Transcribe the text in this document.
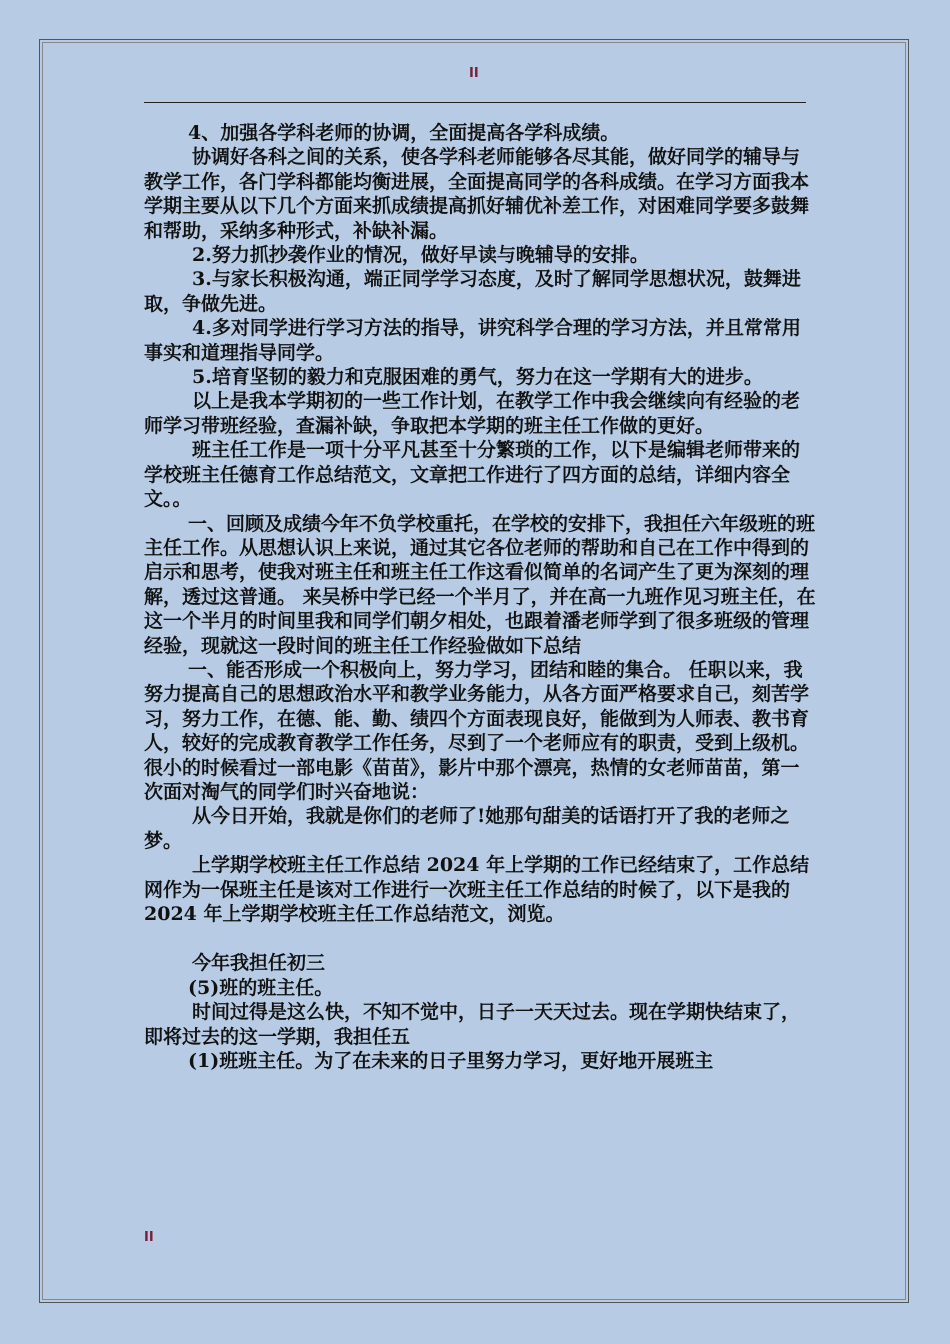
II

4、加强各学科老师的协调，全面提高各学科成绩。

协调好各科之间的关系，使各学科老师能够各尽其能，做好同学的辅导与教学工作，各门学科都能均衡进展，全面提高同学的各科成绩。在学习方面我本学期主要从以下几个方面来抓成绩提高抓好辅优补差工作，对困难同学要多鼓舞和帮助，采纳多种形式，补缺补漏。

2.努力抓抄袭作业的情况，做好早读与晚辅导的安排。

3.与家长积极沟通，端正同学学习态度，及时了解同学思想状况，鼓舞进取，争做先进。

4.多对同学进行学习方法的指导，讲究科学合理的学习方法，并且常常用事实和道理指导同学。

5.培育坚韧的毅力和克服困难的勇气，努力在这一学期有大的进步。

以上是我本学期初的一些工作计划，在教学工作中我会继续向有经验的老师学习带班经验，查漏补缺，争取把本学期的班主任工作做的更好。

班主任工作是一项十分平凡甚至十分繁琐的工作，以下是编辑老师带来的学校班主任德育工作总结范文，文章把工作进行了四方面的总结，详细内容全文。。

一、回顾及成绩今年不负学校重托，在学校的安排下，我担任六年级班的班主任工作。从思想认识上来说，通过其它各位老师的帮助和自己在工作中得到的启示和思考，使我对班主任和班主任工作这看似简单的名词产生了更为深刻的理解，透过这普通。 来吴桥中学已经一个半月了，并在高一九班作见习班主任，在这一个半月的时间里我和同学们朝夕相处，也跟着潘老师学到了很多班级的管理经验，现就这一段时间的班主任工作经验做如下总结

一、能否形成一个积极向上，努力学习，团结和睦的集合。 任职以来，我努力提高自己的思想政治水平和教学业务能力，从各方面严格要求自己，刻苦学习，努力工作，在德、能、勤、绩四个方面表现良好，能做到为人师表、教书育人，较好的完成教育教学工作任务，尽到了一个老师应有的职责，受到上级机。 很小的时候看过一部电影《苗苗》，影片中那个漂亮，热情的女老师苗苗，第一次面对淘气的同学们时兴奋地说：

从今日开始，我就是你们的老师了!她那句甜美的话语打开了我的老师之梦。

上学期学校班主任工作总结 2024 年上学期的工作已经结束了，工作总结网作为一保班主任是该对工作进行一次班主任工作总结的时候了，以下是我的 2024 年上学期学校班主任工作总结范文，浏览。

今年我担任初三

(5)班的班主任。

时间过得是这么快，不知不觉中，日子一天天过去。现在学期快结束了，即将过去的这一学期，我担任五

(1)班班主任。为了在未来的日子里努力学习，更好地开展班主

II
